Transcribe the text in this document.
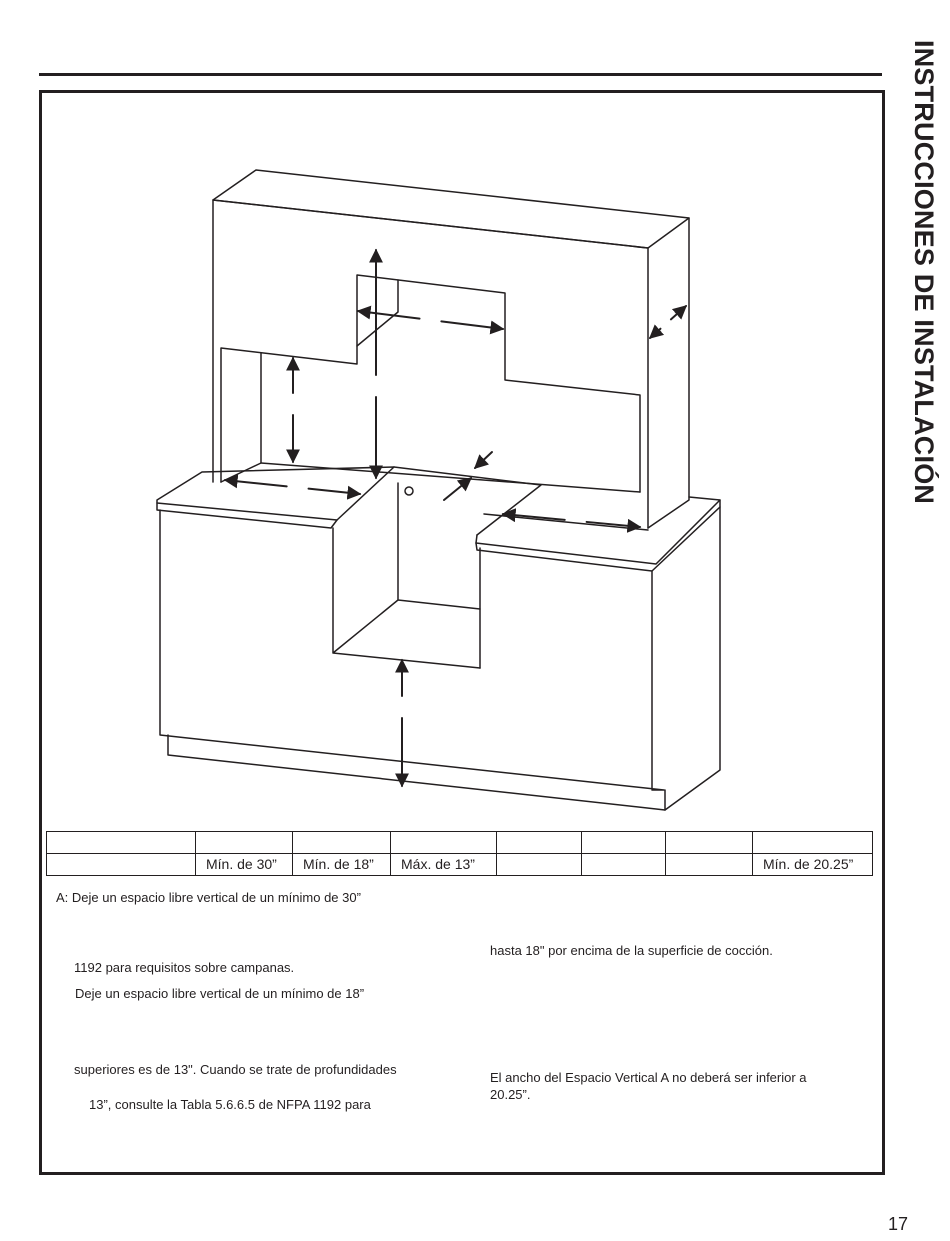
INSTRUCCIONES DE INSTALACIÓN

	Mín. de 30”	Mín. de 18”	Máx. de 13”				Mín. de 20.25”
A: Deje un espacio libre vertical de un mínimo de 30”
1192 para requisitos sobre campanas.
Deje un espacio libre vertical de un mínimo de 18”
superiores es de 13". Cuando se trate de profundidades
13”, consulte la Tabla 5.6.6.5 de NFPA 1192 para
hasta 18" por encima de la superficie de cocción.
El ancho del Espacio Vertical A no deberá ser inferior a
20.25”.
17
